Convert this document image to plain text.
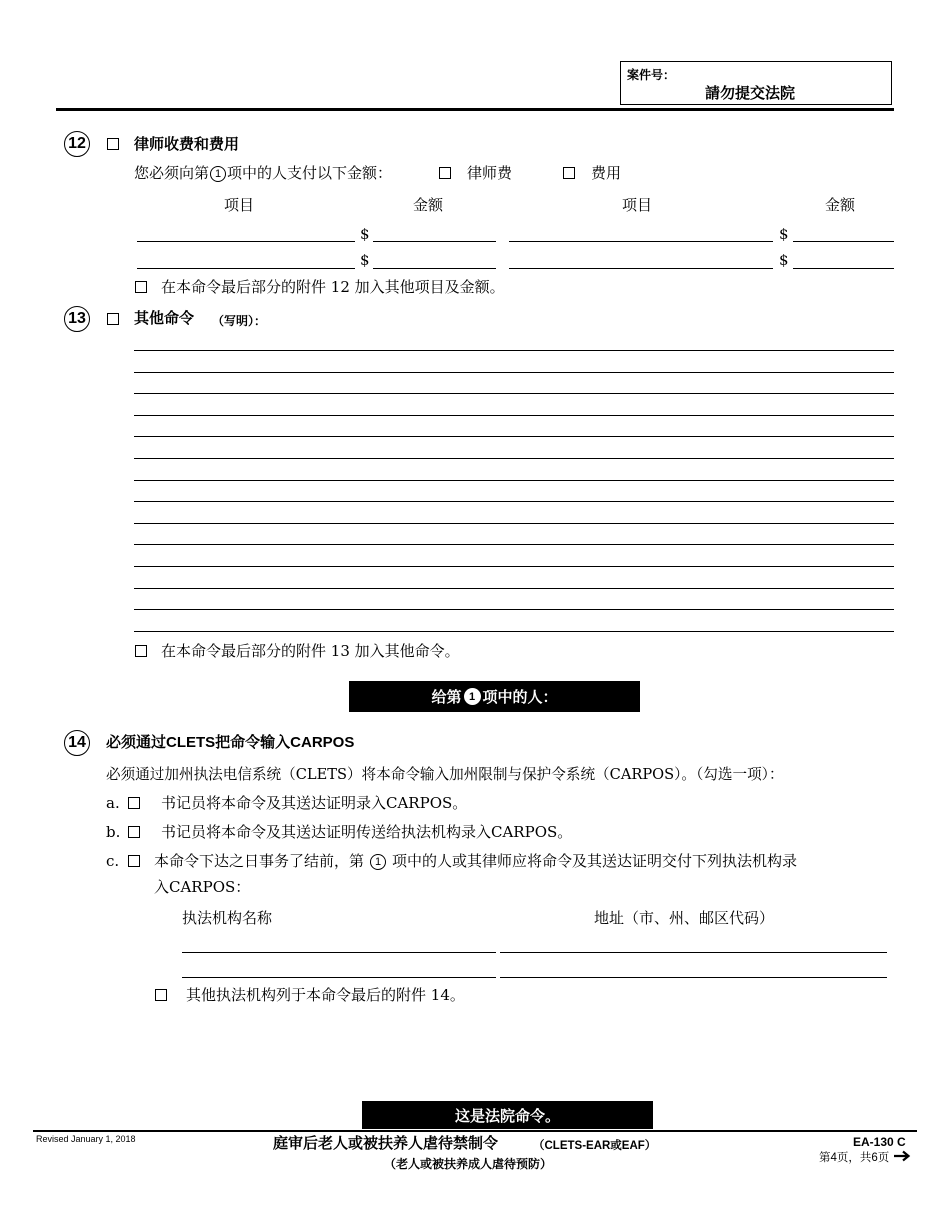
案件号：
請勿提交法院
12	律师收费和费用
您必须向第 1 项中的人支付以下金额：	律师费	费用
项目	金额	项目	金额
$	$
$	$
在本命令最后部分的附件 12 加入其他项目及金额。
13	其他命令 （写明）：
在本命令最后部分的附件 13 加入其他命令。
给第 1 项中的人：
14 必须通过CLETS把命令输入CARPOS
必须通过加州执法电信系统（CLETS）将本命令输入加州限制与保护令系统（CARPOS）。（勾选一项）：
a.	书记员将本命令及其送达证明录入CARPOS。
b.	书记员将本命令及其送达证明传送给执法机构录入CARPOS。
c. 本命令下达之日事务了结前，第 1 项中的人或其律师应将命令及其送达证明交付下列执法机构录
入CARPOS：
执法机构名称	地址（市、州、邮区代码）
其他执法机构列于本命令最后的附件 14。
这是法院命令。
Revised January 1, 2018	庭审后老人或被扶养人虐待禁制令	（CLETS-EAR或EAF）
（老人或被扶养成人虐待预防）
EA-130 C
第4页，共6页
